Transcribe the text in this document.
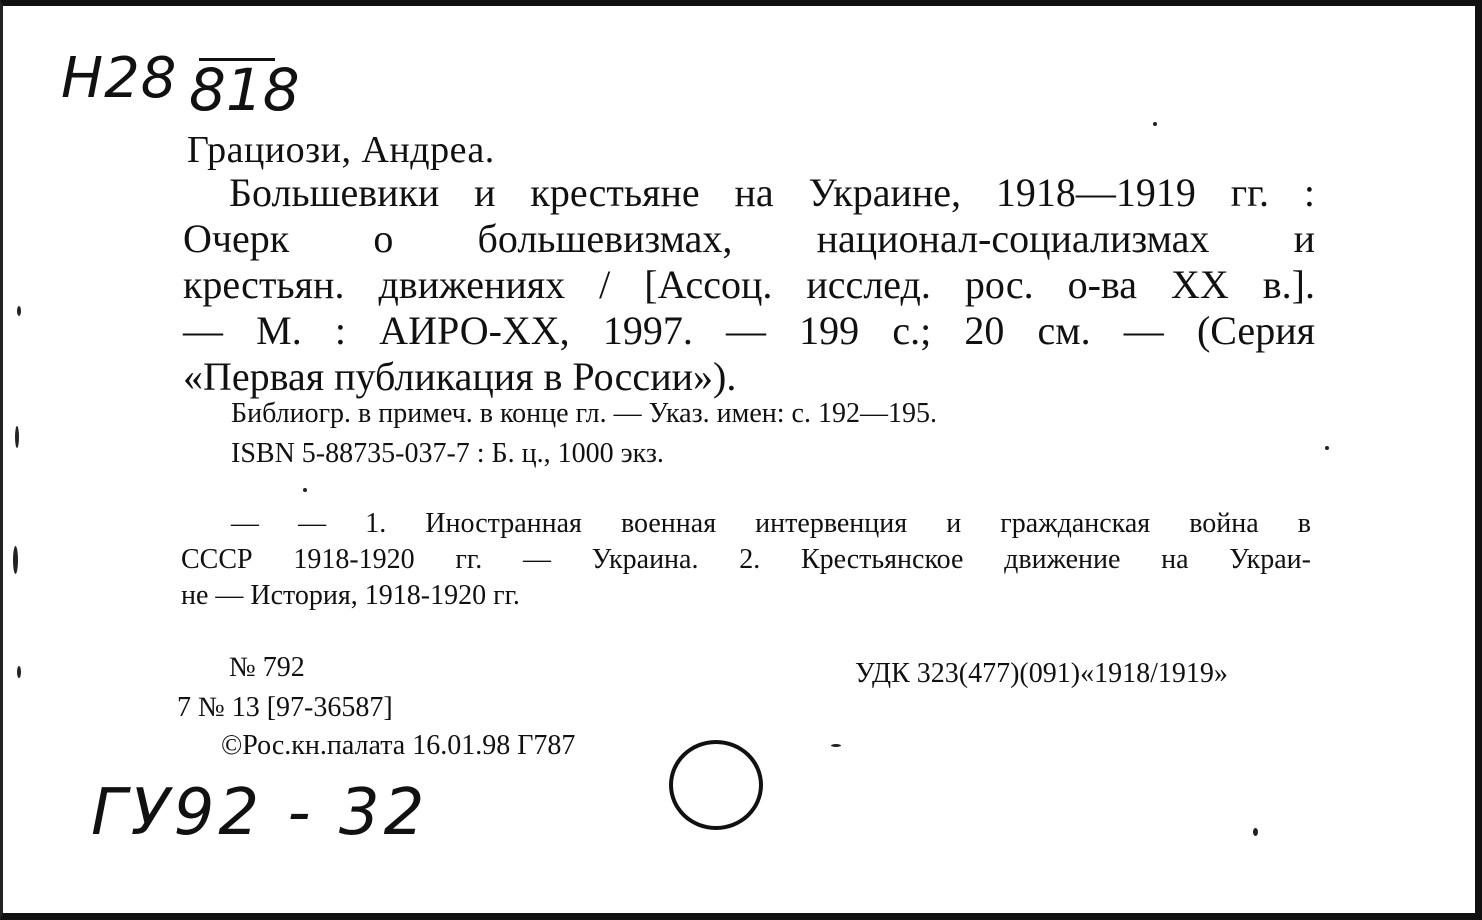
Н28 818
Грациози, Андреа.
Большевики и крестьяне на Украине, 1918—1919 гг. :
Очерк о большевизмах, национал-социализмах и
крестьян. движениях / [Ассоц. исслед. рос. о-ва XX в.].
— М. : АИРО-XX, 1997. — 199 с.; 20 см. — (Серия
«Первая публикация в России»).
Библиогр. в примеч. в конце гл. — Указ. имен: с. 192—195.
ISBN 5-88735-037-7 : Б. ц., 1000 экз.
— — 1. Иностранная военная интервенция и гражданская война в
СССР 1918-1920 гг. — Украина. 2. Крестьянское движение на Украи-
не — История, 1918-1920 гг.
№ 792	УДК 323(477)(091)«1918/1919»
7 № 13 [97-36587]
©Рос.кн.палата 16.01.98 Г787
ГУ92 - 32
